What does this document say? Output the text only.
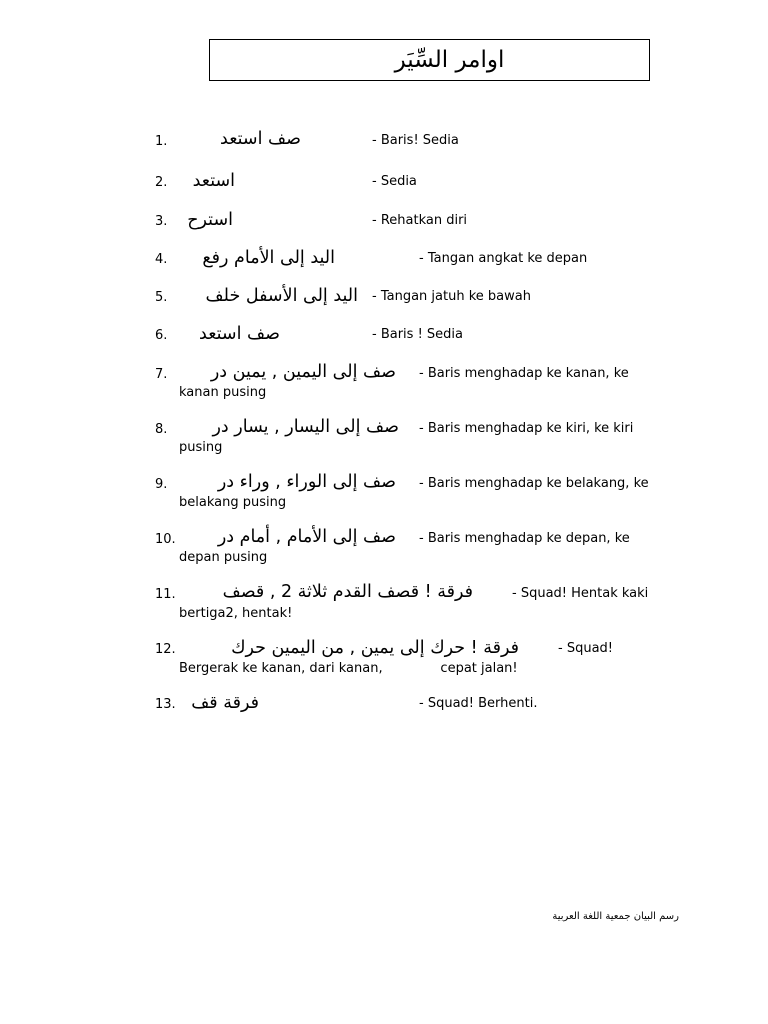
اوامر السِّيَر
1.	صف استعد	- Baris! Sedia
2. استعد	- Sedia
3. استرح	- Rehatkan diri
4. اليد إلى الأمام رفع	- Tangan angkat ke depan
5. اليد إلى الأسفل خلف - Tangan jatuh ke bawah
6. صف استعد	- Baris ! Sedia
7. صف إلى اليمين , يمين در - Baris menghadap ke kanan, ke
kanan pusing
8.	صف إلى اليسار , يسار در - Baris menghadap ke kiri, ke kiri
pusing
9.	صف إلى الوراء , وراء در - Baris menghadap ke belakang, ke
belakang pusing
10. صف إلى الأمام , أمام در - Baris menghadap ke depan, ke
depan pusing
11.	فرقة ! قصف القدم ثلاثة 2 , قصف	- Squad! Hentak kaki
bertiga2, hentak!
12.	فرقة ! حرك إلى يمين , من اليمين حرك	- Squad!
Bergerak ke kanan, dari kanan,              cepat jalan!
13. فرقة قف	- Squad! Berhenti.
رسم البيان جمعية اللغة العربية
